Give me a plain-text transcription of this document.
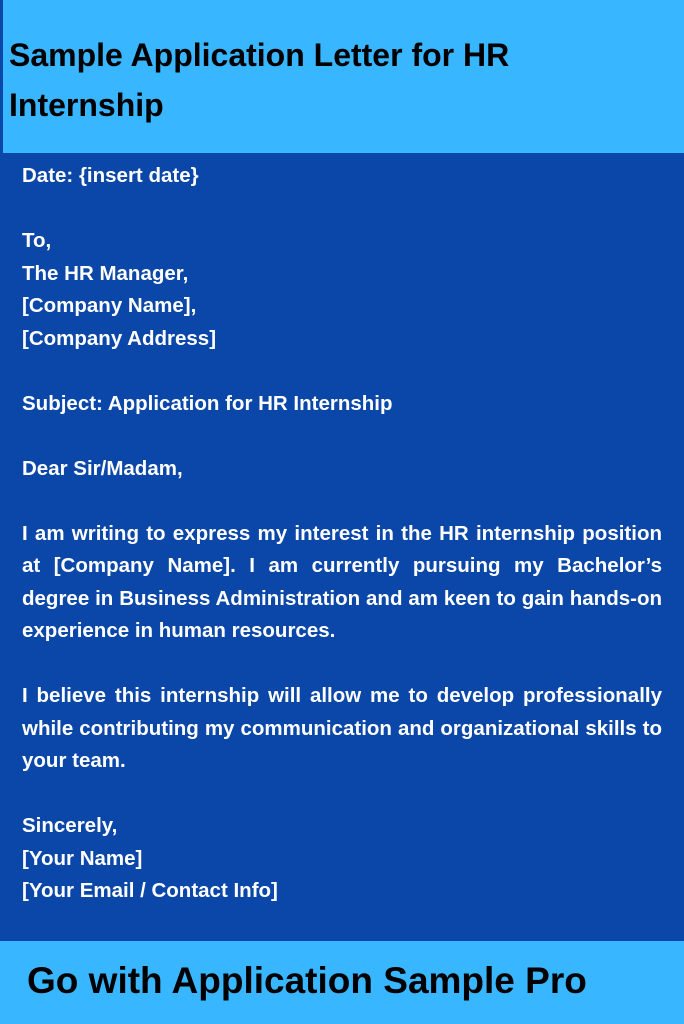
Sample Application Letter for HR Internship

Date: {insert date}

To,
The HR Manager,
[Company Name],
[Company Address]

Subject: Application for HR Internship

Dear Sir/Madam,

I am writing to express my interest in the HR internship position at [Company Name]. I am currently pursuing my Bachelor’s degree in Business Administration and am keen to gain hands-on experience in human resources.

I believe this internship will allow me to develop professionally while contributing my communication and organizational skills to your team.

Sincerely,
[Your Name]
[Your Email / Contact Info]

Go with Application Sample Pro
